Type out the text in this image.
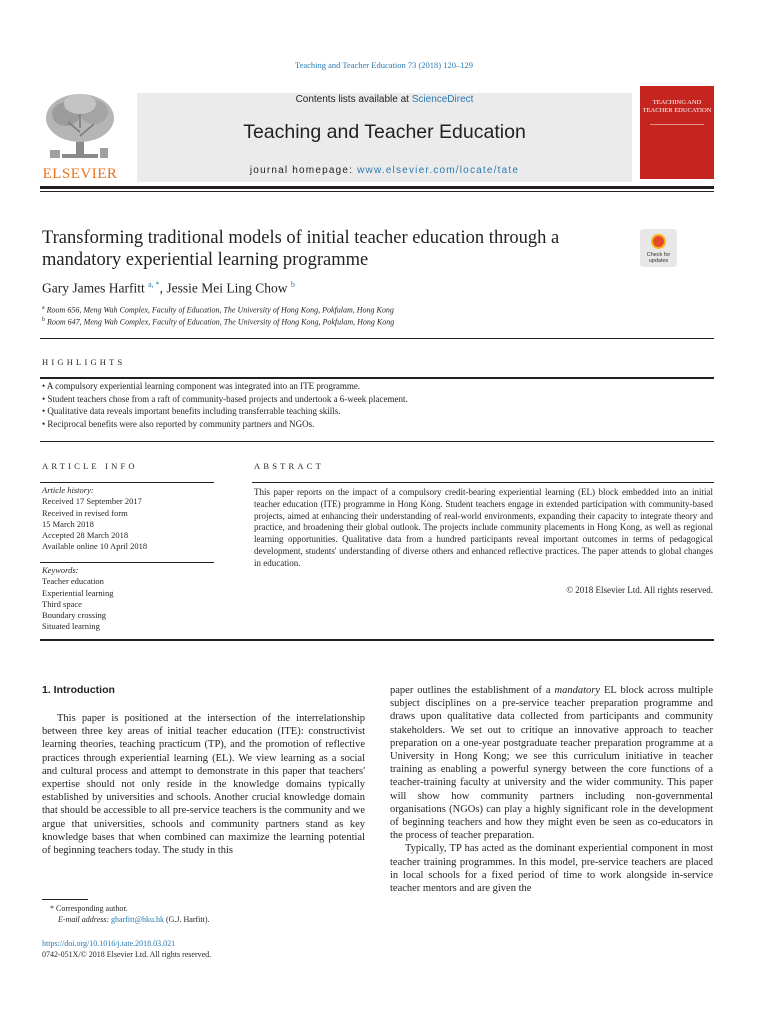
Teaching and Teacher Education 73 (2018) 120–129
ELSEVIER
Contents lists available at ScienceDirect
Teaching and Teacher Education
journal homepage: www.elsevier.com/locate/tate
TEACHING AND TEACHER EDUCATION
Transforming traditional models of initial teacher education through a mandatory experiential learning programme	Check for updates
Gary James Harfitt $^{a, *}$, Jessie Mei Ling Chow $^b$
$^a$ Room 656, Meng Wah Complex, Faculty of Education, The University of Hong Kong, Pokfulam, Hong Kong
$^b$ Room 647, Meng Wah Complex, Faculty of Education, The University of Hong Kong, Pokfulam, Hong Kong
HIGHLIGHTS
• A compulsory experiential learning component was integrated into an ITE programme.
• Student teachers chose from a raft of community-based projects and undertook a 6-week placement.
• Qualitative data reveals important benefits including transferrable teaching skills.
• Reciprocal benefits were also reported by community partners and NGOs.
ARTICLE INFO
Article history:
Received 17 September 2017
Received in revised form
15 March 2018
Accepted 28 March 2018
Available online 10 April 2018
Keywords:
Teacher education
Experiential learning
Third space
Boundary crossing
Situated learning
ABSTRACT
This paper reports on the impact of a compulsory credit-bearing experiential learning (EL) block embedded into an initial teacher education (ITE) programme in Hong Kong. Student teachers engage in extended participation with community-based projects, aimed at enhancing their understanding of real-world environments, expanding their capacity to integrate theory and practice, and broadening their global outlook. The projects include community placements in Hong Kong, as well as regional learning opportunities. Qualitative data from a hundred participants reveal important outcomes in terms of pedagogical development, students' understanding of diverse others and enhanced reflective practices. The paper attends to global changes in education.
© 2018 Elsevier Ltd. All rights reserved.
1. Introduction

This paper is positioned at the intersection of the interrelationship between three key areas of initial teacher education (ITE): constructivist learning theories, teaching practicum (TP), and the promotion of reflective practices through experiential learning (EL). We view learning as a social and cultural process and attempt to demonstrate in this paper that teachers' expertise should not only reside in the knowledge domains typically established by universities and schools. Another crucial knowledge domain that should be accessible to all pre-service teachers is the community and we argue that universities, schools and community partners stand as key knowledge bases that when combined can maximize the learning potential of beginning teachers today. The study in this

paper outlines the establishment of a mandatory EL block across multiple subject disciplines on a pre-service teacher preparation programme and draws upon qualitative data collected from participants and community stakeholders. We set out to critique an innovative approach to teacher preparation on a one-year postgraduate teacher preparation programme at a University in Hong Kong; we see this curriculum initiative in teacher training as enabling a powerful synergy between the core functions of a teacher-training faculty at university and the wider community. This paper will show how community partners including non-governmental organisations (NGOs) can play a highly significant role in the development of beginning teachers and how they might even be seen as co-educators in the process of teacher preparation.

Typically, TP has acted as the dominant experiential component in most teacher training programmes. In this model, pre-service teachers are placed in local schools for a fixed period of time to work alongside in-service teacher mentors and are given the

* Corresponding author.
E-mail address: gharfitt@hku.hk (G.J. Harfitt).
https://doi.org/10.1016/j.tate.2018.03.021
0742-051X/© 2018 Elsevier Ltd. All rights reserved.
